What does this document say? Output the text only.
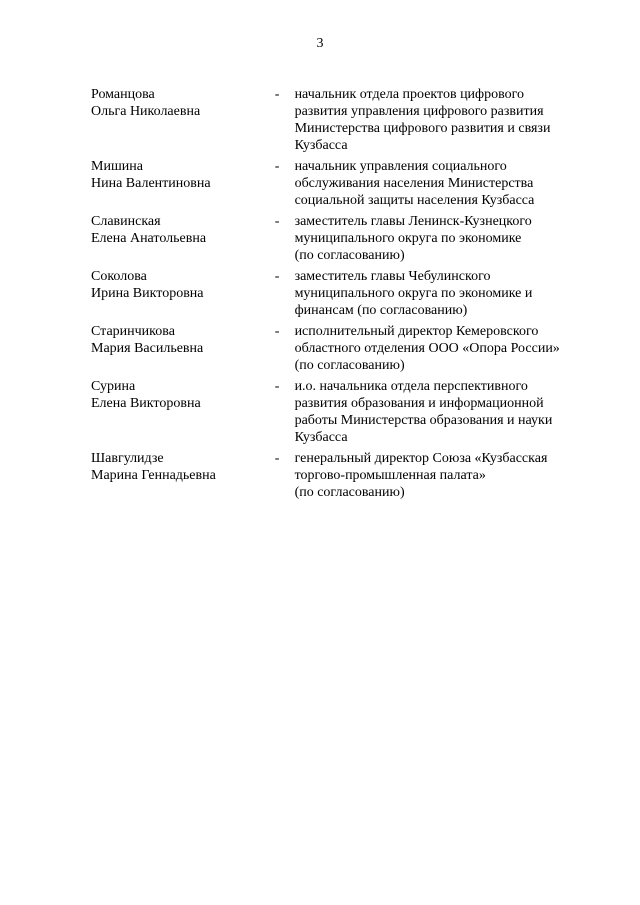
3
Романцова
Ольга Николаевна
-	начальник отдела проектов цифрового
развития управления цифрового развития
Министерства цифрового развития и связи
Кузбасса
Мишина
Нина Валентиновна
-	начальник управления социального
обслуживания населения Министерства
социальной защиты населения Кузбасса
Славинская
Елена Анатольевна
-	заместитель главы Ленинск-Кузнецкого
муниципального округа по экономике
(по согласованию)
Соколова
Ирина Викторовна
-	заместитель главы Чебулинского
муниципального округа по экономике и
финансам (по согласованию)
Старинчикова
Мария Васильевна
-	исполнительный директор Кемеровского
областного отделения ООО «Опора России»
(по согласованию)
Сурина
Елена Викторовна
-	и.о. начальника отдела перспективного
развития образования и информационной
работы Министерства образования и науки
Кузбасса
Шавгулидзе
Марина Геннадьевна
-	генеральный директор Союза «Кузбасская
торгово-промышленная палата»
(по согласованию)
